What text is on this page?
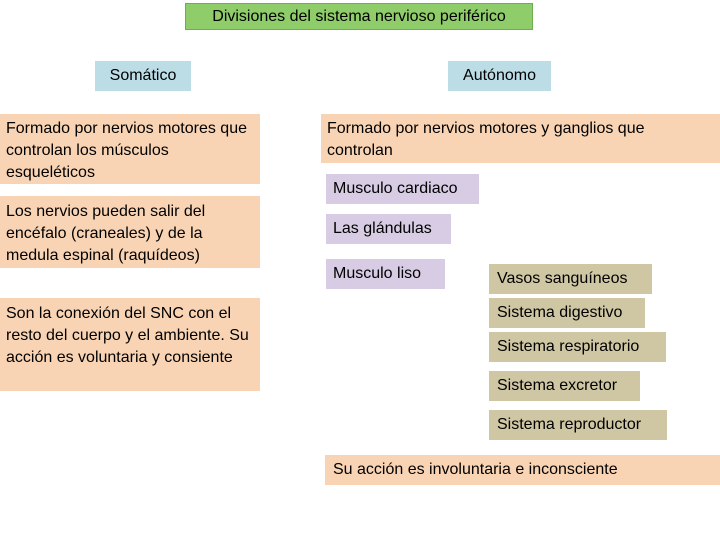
Divisiones del sistema nervioso periférico
Somático
Formado por nervios motores que controlan los músculos esqueléticos
Los nervios pueden salir del encéfalo (craneales) y de la medula espinal (raquídeos)
Son la conexión del SNC con el resto del cuerpo y el ambiente. Su acción es voluntaria y consiente
Autónomo
Formado por nervios motores y ganglios que controlan
Musculo cardiaco
Las glándulas
Musculo liso	Vasos sanguíneos
Sistema digestivo
Sistema respiratorio
Sistema excretor
Sistema reproductor
Su acción es involuntaria e inconsciente
